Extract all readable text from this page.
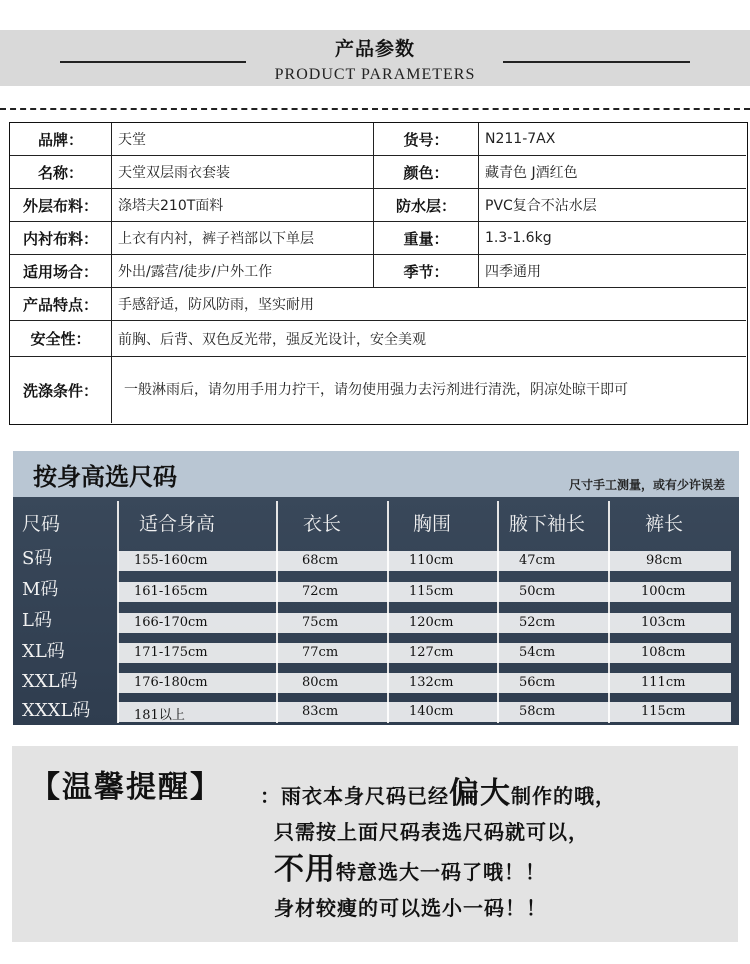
产品参数
PRODUCT PARAMETERS
品牌：	天堂	货号：	N211-7AX
名称：	天堂双层雨衣套装	颜色：	藏青色 J酒红色
外层布料：	涤塔夫210T面料	防水层：	PVC复合不沾水层
内衬布料：	上衣有内衬，裤子裆部以下单层	重量：	1.3-1.6kg
适用场合：	外出/露营/徒步/户外工作	季节：	四季通用
产品特点：	手感舒适，防风防雨，坚实耐用
安全性：	前胸、后背、双色反光带，强反光设计，安全美观
洗涤条件：	一般淋雨后，请勿用手用力拧干，请勿使用强力去污剂进行清洗，阴凉处晾干即可
按身高选尺码	尺寸手工测量，或有少许误差
尺码	适合身高	衣长	胸围	腋下袖长	裤长
S码	155-160cm	68cm	110cm	47cm	98cm
M码	161-165cm	72cm	115cm	50cm	100cm
L码	166-170cm	75cm	120cm	52cm	103cm
XL码	171-175cm	77cm	127cm	54cm	108cm
XXL码	176-180cm	80cm	132cm	56cm	111cm
XXXL码	181以上	83cm	140cm	58cm	115cm
【温馨提醒】 ：雨衣本身尺码已经偏大制作的哦，
只需按上面尺码表选尺码就可以，
不用特意选大一码了哦！！
身材较瘦的可以选小一码！！
